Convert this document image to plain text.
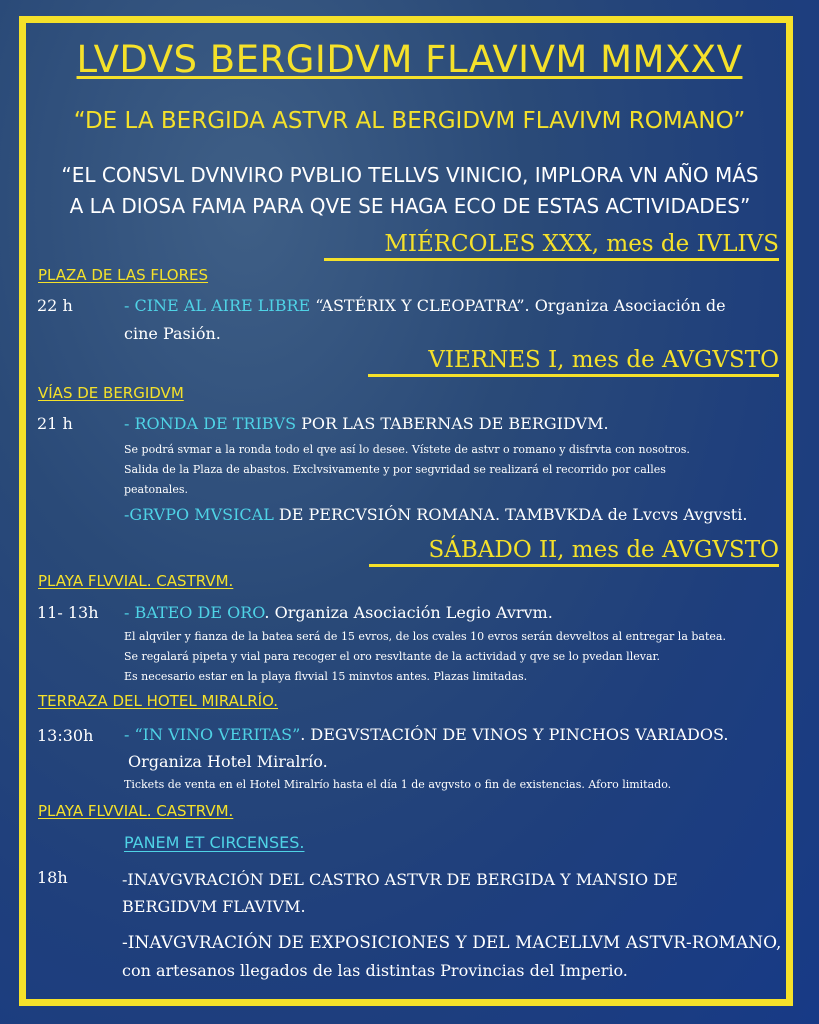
LVDVS BERGIDVM FLAVIVM MMXXV
“DE LA BERGIDA ASTVR AL BERGIDVM FLAVIVM ROMANO”
“EL CONSVL DVNVIRO PVBLIO TELLVS VINICIO, IMPLORA VN AÑO MÁS
A LA DIOSA FAMA PARA QVE SE HAGA ECO DE ESTAS ACTIVIDADES”
MIÉRCOLES XXX, mes de IVLIVS
PLAZA DE LAS FLORES
22 h	- CINE AL AIRE LIBRE “ASTÉRIX Y CLEOPATRA”. Organiza Asociación de
cine Pasión.
VIERNES I, mes de AVGVSTO
VÍAS DE BERGIDVM
21 h	- RONDA DE TRIBVS POR LAS TABERNAS DE BERGIDVM.
Se podrá svmar a la ronda todo el qve así lo desee. Vístete de astvr o romano y disfrvta con nosotros.
Salida de la Plaza de abastos. Exclvsivamente y por segvridad se realizará el recorrido por calles
peatonales.
-GRVPO MVSICAL DE PERCVSIÓN ROMANA. TAMBVKDA de Lvcvs Avgvsti.
SÁBADO II, mes de AVGVSTO
PLAYA FLVVIAL. CASTRVM.
11- 13h - BATEO DE ORO. Organiza Asociación Legio Avrvm.
El alqviler y fianza de la batea será de 15 evros, de los cvales 10 evros serán devveltos al entregar la batea.
Se regalará pipeta y vial para recoger el oro resvltante de la actividad y qve se lo pvedan llevar.
Es necesario estar en la playa flvvial 15 minvtos antes. Plazas limitadas.
TERRAZA DEL HOTEL MIRALRÍO.
13:30h - “IN VINO VERITAS”. DEGVSTACIÓN DE VINOS Y PINCHOS VARIADOS.
Organiza Hotel Miralrío.
Tickets de venta en el Hotel Miralrío hasta el día 1 de avgvsto o fin de existencias. Aforo limitado.
PLAYA FLVVIAL. CASTRVM.
PANEM ET CIRCENSES.
18h	-INAVGVRACIÓN DEL CASTRO ASTVR DE BERGIDA Y MANSIO DE
BERGIDVM FLAVIVM.
-INAVGVRACIÓN DE EXPOSICIONES Y DEL MACELLVM ASTVR-ROMANO,
con artesanos llegados de las distintas Provincias del Imperio.
